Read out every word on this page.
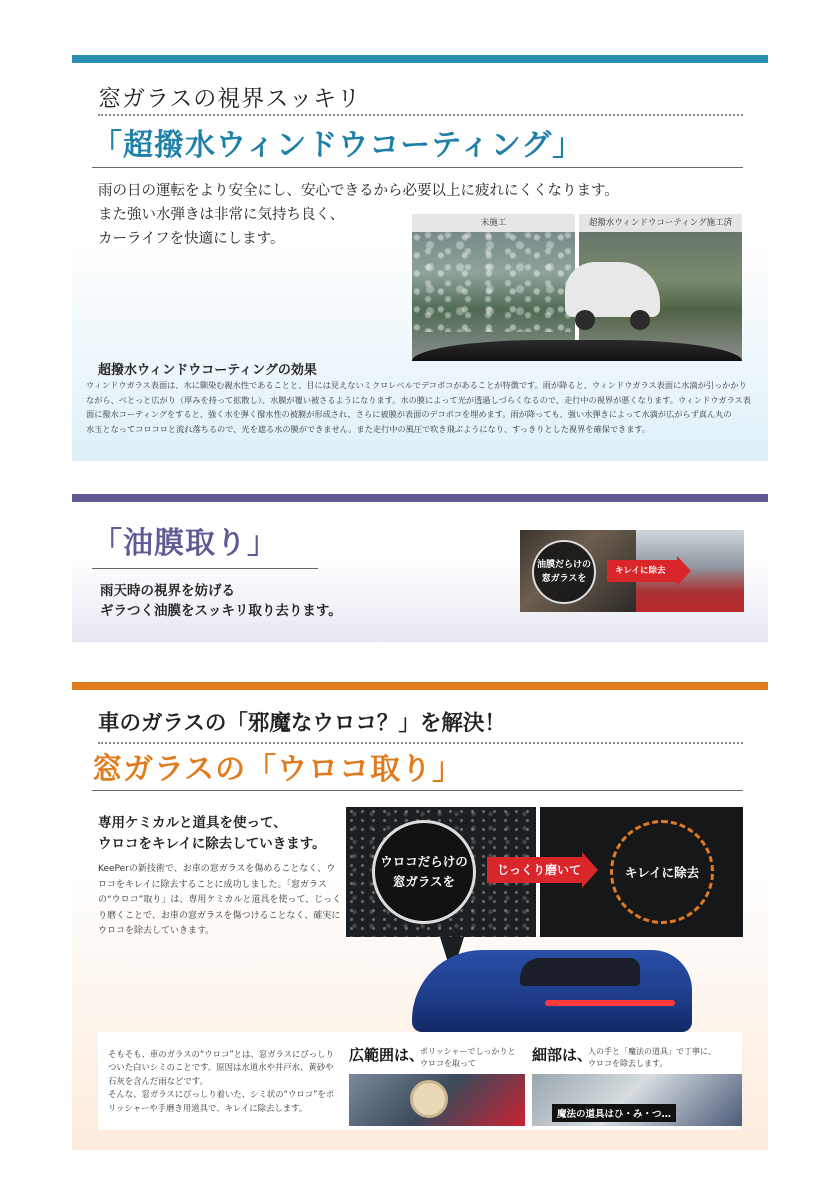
窓ガラスの視界スッキリ
「超撥水ウィンドウコーティング」
雨の日の運転をより安全にし、安心できるから必要以上に疲れにくくなります。
また強い水弾きは非常に気持ち良く、
カーライフを快適にします。
未施工	超撥水ウィンドウコーティング施工済
超撥水ウィンドウコーティングの効果
ウィンドウガラス表面は、水に馴染む親水性であることと、目には見えないミクロレベルでデコボコがあることが特徴です。雨が降ると、ウィンドウガラス表面に水滴が引っかかり
ながら、べとっと広がり（厚みを持って拡散し）、水膜が覆い被さるようになります。水の膜によって光が透過しづらくなるので、走行中の視界が悪くなります。ウィンドウガラス表
面に撥水コーティングをすると、強く水を弾く撥水性の被膜が形成され、さらに被膜が表面のデコボコを埋めます。雨が降っても、強い水弾きによって水滴が広がらず真ん丸の
水玉となってコロコロと流れ落ちるので、光を遮る水の膜ができません。また走行中の風圧で吹き飛ぶようになり、すっきりとした視界を確保できます。
「油膜取り」
雨天時の視界を妨げる
ギラつく油膜をスッキリ取り去ります。
油膜だらけの
窓ガラスを
キレイに除去
車のガラスの「邪魔なウロコ？」を解決！
窓ガラスの「ウロコ取り」
専用ケミカルと道具を使って、
ウロコをキレイに除去していきます。
KeePerの新技術で、お車の窓ガラスを傷めることなく、ウ
ロコをキレイに除去することに成功しました。「窓ガラス
の“ウロコ”取り」は、専用ケミカルと道具を使って、じっく
り磨くことで、お車の窓ガラスを傷つけることなく、確実に
ウロコを除去していきます。
ウロコだらけの
窓ガラスを
じっくり磨いて	キレイに除去
そもそも、車のガラスの“ウロコ”とは、窓ガラスにびっしり
ついた白いシミのことです。原因は水道水や井戸水、黄砂や
石灰を含んだ雨などです。
そんな、窓ガラスにびっしり着いた、シミ状の“ウロコ”をポ
リッシャーや手磨き用道具で、キレイに除去します。
広範囲は、
ポリッシャーでしっかりと
ウロコを取って	細部は、
人の手と「魔法の道具」で丁寧に、
ウロコを除去します。
魔法の道具はひ・み・つ…
